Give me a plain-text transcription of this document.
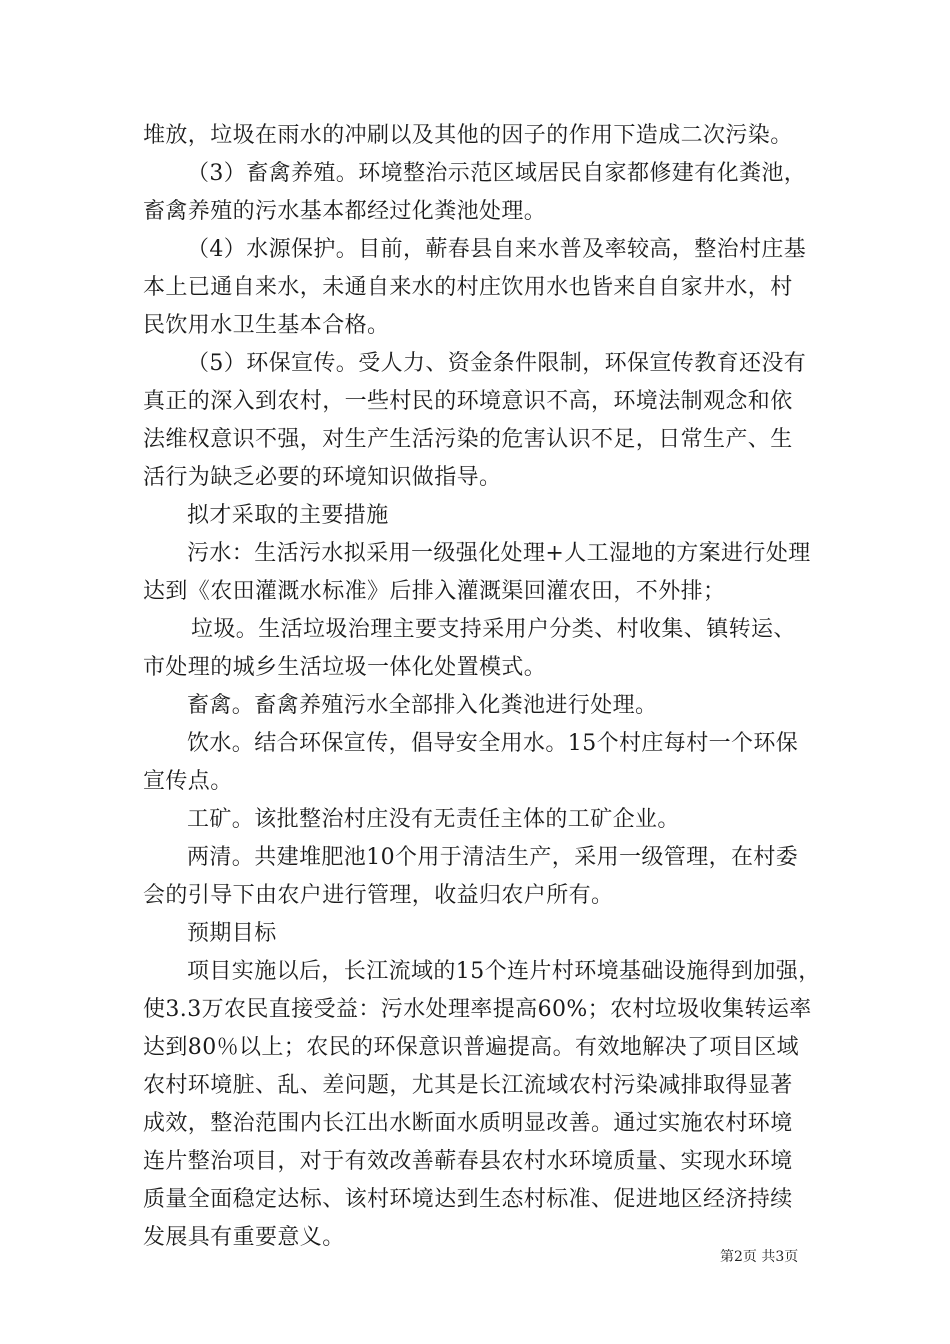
堆放，垃圾在雨水的冲刷以及其他的因子的作用下造成二次污染。
（3）畜禽养殖。环境整治示范区域居民自家都修建有化粪池，
畜禽养殖的污水基本都经过化粪池处理。
（4）水源保护。目前，蕲春县自来水普及率较高，整治村庄基
本上已通自来水，未通自来水的村庄饮用水也皆来自自家井水，村
民饮用水卫生基本合格。
（5）环保宣传。受人力、资金条件限制，环保宣传教育还没有
真正的深入到农村，一些村民的环境意识不高，环境法制观念和依
法维权意识不强，对生产生活污染的危害认识不足，日常生产、生
活行为缺乏必要的环境知识做指导。
拟才采取的主要措施
污水：生活污水拟采用一级强化处理+人工湿地的方案进行处理
达到《农田灌溉水标准》后排入灌溉渠回灌农田，不外排；
垃圾。生活垃圾治理主要支持采用户分类、村收集、镇转运、
市处理的城乡生活垃圾一体化处置模式。
畜禽。畜禽养殖污水全部排入化粪池进行处理。
饮水。结合环保宣传，倡导安全用水。15个村庄每村一个环保
宣传点。
工矿。该批整治村庄没有无责任主体的工矿企业。
两清。共建堆肥池10个用于清洁生产，采用一级管理，在村委
会的引导下由农户进行管理，收益归农户所有。
预期目标
项目实施以后，长江流域的15个连片村环境基础设施得到加强，
使3.3万农民直接受益：污水处理率提高60%；农村垃圾收集转运率
达到80％以上；农民的环保意识普遍提高。有效地解决了项目区域
农村环境脏、乱、差问题，尤其是长江流域农村污染减排取得显著
成效，整治范围内长江出水断面水质明显改善。通过实施农村环境
连片整治项目，对于有效改善蕲春县农村水环境质量、实现水环境
质量全面稳定达标、该村环境达到生态村标准、促进地区经济持续
发展具有重要意义。
第2页 共3页
